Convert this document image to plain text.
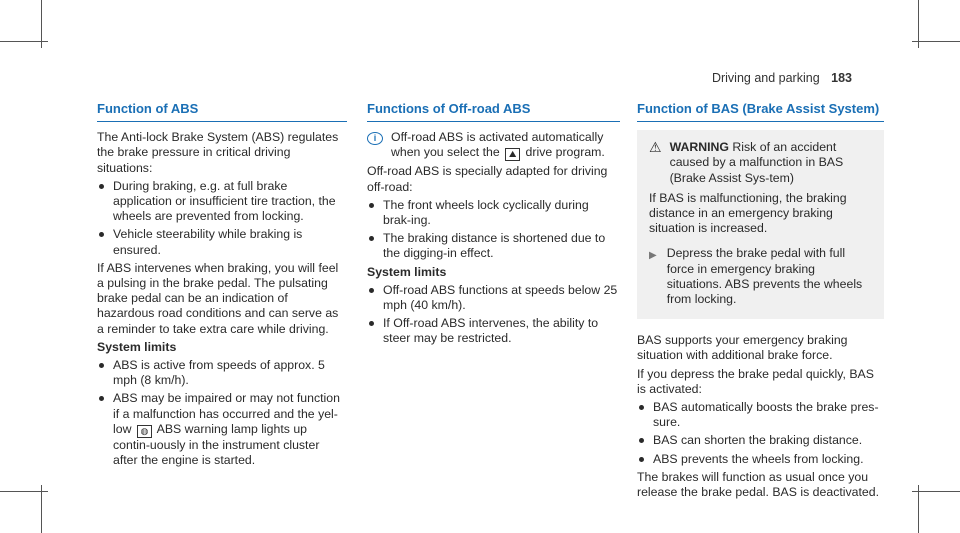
Driving and parking 183
Function of ABS

The Anti-lock Brake System (ABS) regulates the brake pressure in critical driving situations:

During braking, e.g. at full brake application or insufficient tire traction, the wheels are prevented from locking.
Vehicle steerability while braking is ensured.

If ABS intervenes when braking, you will feel a pulsing in the brake pedal. The pulsating brake pedal can be an indication of hazardous road conditions and can serve as a reminder to take extra care while driving.

System limits

ABS is active from speeds of approx. 5 mph (8 km/h).
ABS may be impaired or may not function if a malfunction has occurred and the yel-low ◍ ABS warning lamp lights up contin-uously in the instrument cluster after the engine is started.
Functions of Off-road ABS
i	Off-road ABS is activated automatically when you select the ⛰ drive program.

Off-road ABS is specially adapted for driving off-road:

The front wheels lock cyclically during brak-ing.
The braking distance is shortened due to the digging-in effect.

System limits

Off-road ABS functions at speeds below 25 mph (40 km/h).
If Off-road ABS intervenes, the ability to steer may be restricted.
Function of BAS (Brake Assist System)
⚠ WARNING Risk of an accident caused by a malfunction in BAS (Brake Assist Sys-tem)

If BAS is malfunctioning, the braking distance in an emergency braking situation is increased.

▶ Depress the brake pedal with full force in emergency braking situations. ABS prevents the wheels from locking.

BAS supports your emergency braking situation with additional brake force.

If you depress the brake pedal quickly, BAS is activated:

BAS automatically boosts the brake pres-sure.
BAS can shorten the braking distance.
ABS prevents the wheels from locking.

The brakes will function as usual once you release the brake pedal. BAS is deactivated.
